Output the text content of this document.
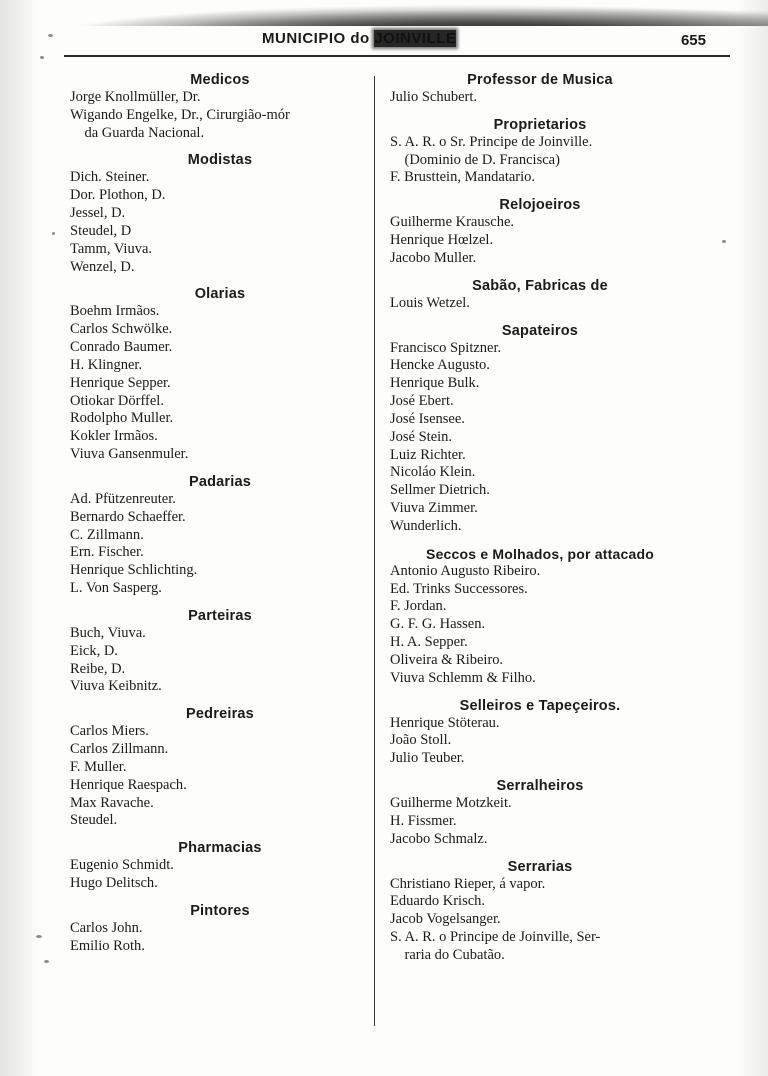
MUNICIPIO do JOINVILLE	655
Medicos
Jorge Knollmüller, Dr.
Wigando Engelke, Dr., Cirurgião-mór
da Guarda Nacional.
Modistas
Dich. Steiner.
Dor. Plothon, D.
Jessel, D.
Steudel, D
Tamm, Viuva.
Wenzel, D.
Olarias
Boehm Irmãos.
Carlos Schwölke.
Conrado Baumer.
H. Klingner.
Henrique Sepper.
Otiokar Dörffel.
Rodolpho Muller.
Kokler Irmãos.
Viuva Gansenmuler.
Padarias
Ad. Pfützenreuter.
Bernardo Schaeffer.
C. Zillmann.
Ern. Fischer.
Henrique Schlichting.
L. Von Sasperg.
Parteiras
Buch, Viuva.
Eick, D.
Reibe, D.
Viuva Keibnitz.
Pedreiras
Carlos Miers.
Carlos Zillmann.
F. Muller.
Henrique Raespach.
Max Ravache.
Steudel.
Pharmacias
Eugenio Schmidt.
Hugo Delitsch.
Pintores
Carlos John.
Emilio Roth.
Professor de Musica
Julio Schubert.
Proprietarios
S. A. R. o Sr. Principe de Joinville.
(Dominio de D. Francisca)
F. Brusttein, Mandatario.
Relojoeiros
Guilherme Krausche.
Henrique Hœlzel.
Jacobo Muller.
Sabão, Fabricas de
Louis Wetzel.
Sapateiros
Francisco Spitzner.
Hencke Augusto.
Henrique Bulk.
José Ebert.
José Isensee.
José Stein.
Luiz Richter.
Nicoláo Klein.
Sellmer Dietrich.
Viuva Zimmer.
Wunderlich.
Seccos e Molhados, por attacado
Antonio Augusto Ribeiro.
Ed. Trinks Successores.
F. Jordan.
G. F. G. Hassen.
H. A. Sepper.
Oliveira & Ribeiro.
Viuva Schlemm & Filho.
Selleiros e Tapeçeiros.
Henrique Stöterau.
João Stoll.
Julio Teuber.
Serralheiros
Guilherme Motzkeit.
H. Fissmer.
Jacobo Schmalz.
Serrarias
Christiano Rieper, á vapor.
Eduardo Krisch.
Jacob Vogelsanger.
S. A. R. o Principe de Joinville, Ser-
raria do Cubatão.
